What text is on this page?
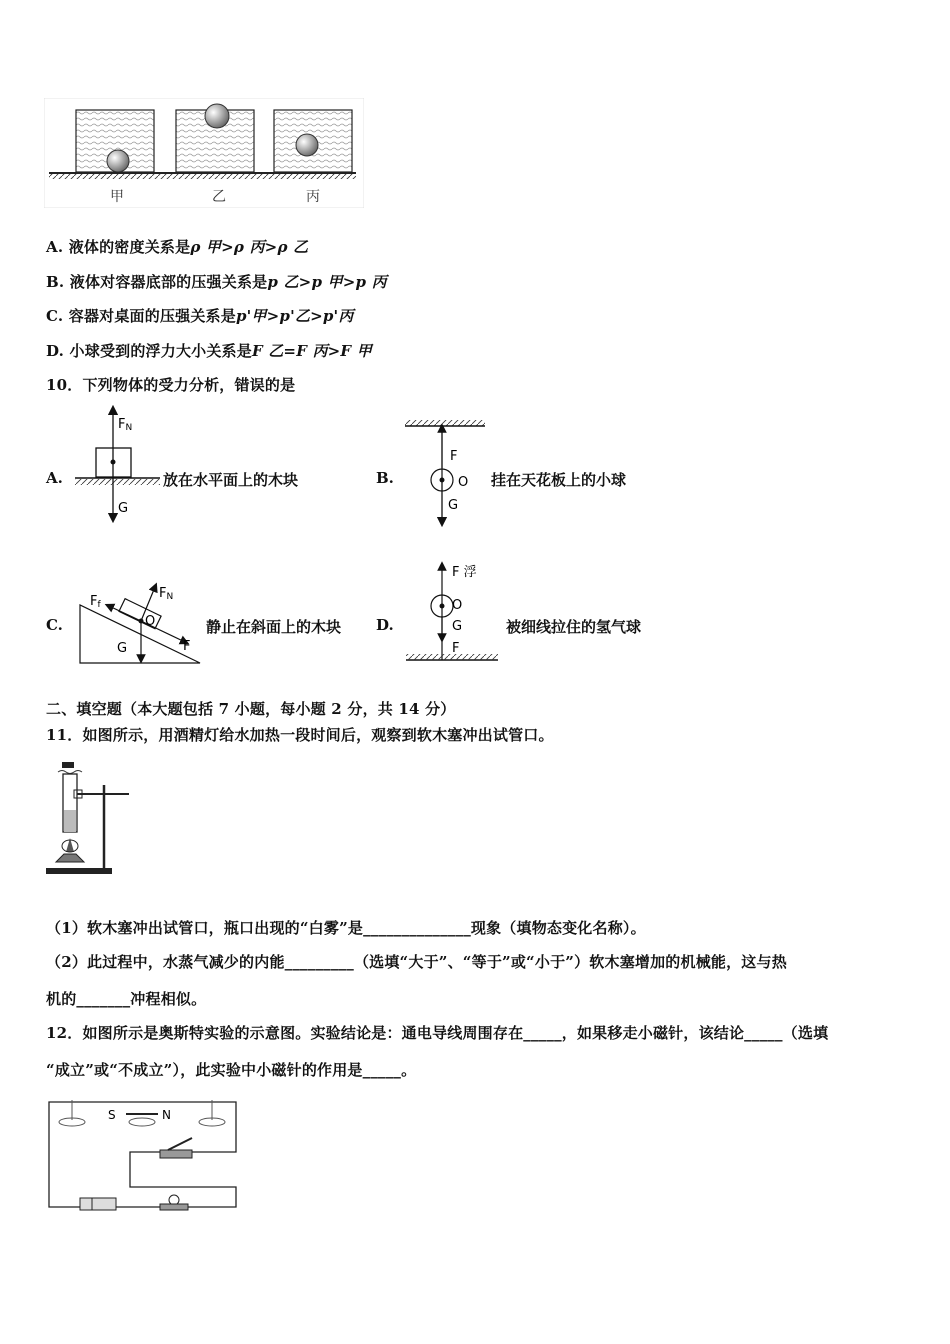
甲	乙	丙
A. 液体的密度关系是ρ 甲>ρ 丙>ρ 乙
B. 液体对容器底部的压强关系是p 乙>p 甲>p 丙
C. 容器对桌面的压强关系是p'甲>p'乙>p'丙
D. 小球受到的浮力大小关系是F 乙=F 丙>F 甲
10．下列物体的受力分析，错误的是
A.
FN
G
放在水平面上的木块	B.
F
O
G
挂在天花板上的小球
C.
Ff
FN
O
G	F
静止在斜面上的木块 D.
F 浮
O
G
F
被细线拉住的氢气球
二、填空题（本大题包括 7 小题，每小题 2 分，共 14 分）
11．如图所示，用酒精灯给水加热一段时间后，观察到软木塞冲出试管口。
（1）软木塞冲出试管口，瓶口出现的“白雾”是______________现象（填物态变化名称）。
（2）此过程中，水蒸气减少的内能_________（选填“大于”、“等于”或“小于”）软木塞增加的机械能，这与热
机的_______冲程相似。
12．如图所示是奥斯特实验的示意图。实验结论是：通电导线周围存在_____，如果移走小磁针，该结论_____（选填
“成立”或“不成立”），此实验中小磁针的作用是_____。
S	N
